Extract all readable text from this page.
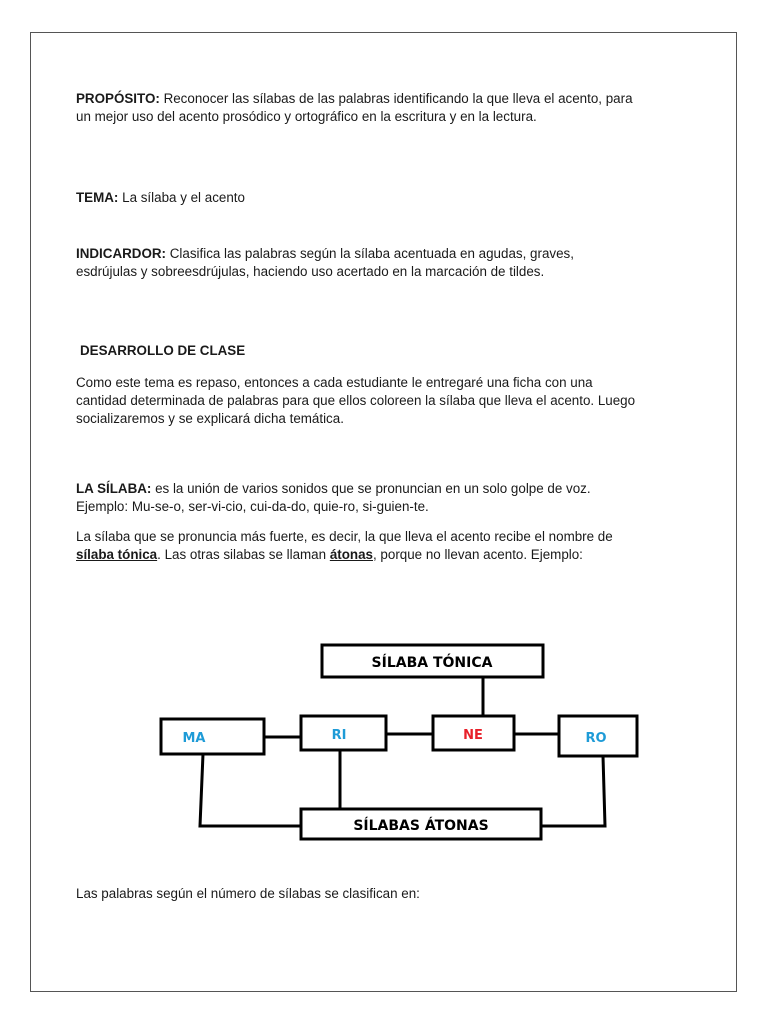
PROPÓSITO: Reconocer las sílabas de las palabras identificando la que lleva el acento, para un mejor uso del acento prosódico y ortográfico en la escritura y en la lectura.

TEMA: La sílaba y el acento

INDICARDOR: Clasifica las palabras según la sílaba acentuada en agudas, graves, esdrújulas y sobreesdrújulas, haciendo uso acertado en la marcación de tildes.

DESARROLLO DE CLASE

Como este tema es repaso, entonces a cada estudiante le entregaré una ficha con una cantidad determinada de palabras para que ellos coloreen la sílaba que lleva el acento. Luego socializaremos y se explicará dicha temática.

LA SÍLABA: es la unión de varios sonidos que se pronuncian en un solo golpe de voz. Ejemplo: Mu-se-o, ser-vi-cio, cui-da-do, quie-ro, si-guien-te.

La sílaba que se pronuncia más fuerte, es decir, la que lleva el acento recibe el nombre de sílaba tónica. Las otras silabas se llaman átonas, porque no llevan acento. Ejemplo:

SÍLABA TÓNICA
SÍLABAS ÁTONAS
MA	RI	NE	RO

Las palabras según el número de sílabas se clasifican en:
